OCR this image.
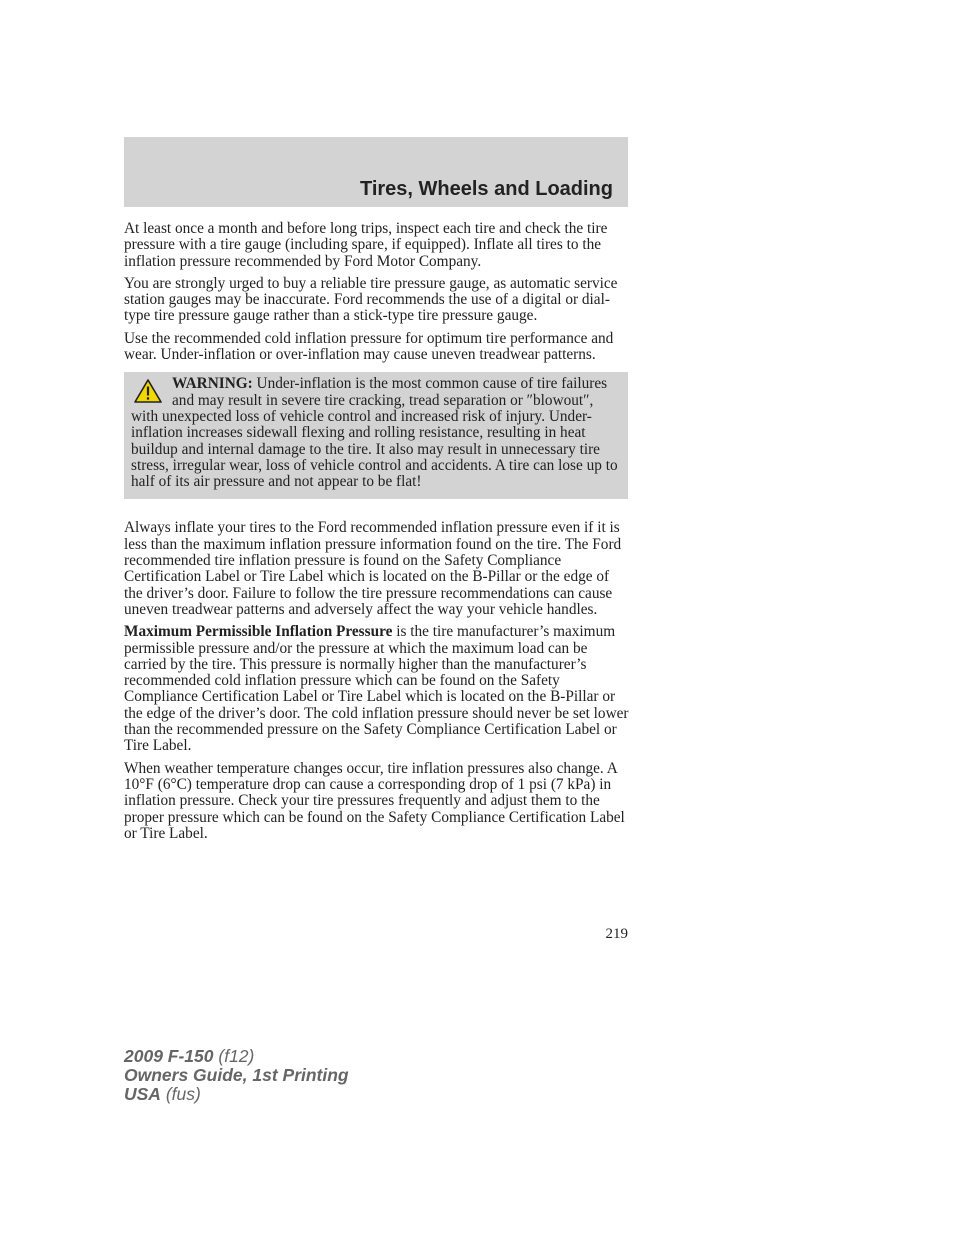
Tires, Wheels and Loading

At least once a month and before long trips, inspect each tire and check the tire pressure with a tire gauge (including spare, if equipped). Inflate all tires to the inflation pressure recommended by Ford Motor Company.

You are strongly urged to buy a reliable tire pressure gauge, as automatic service station gauges may be inaccurate. Ford recommends the use of a digital or dial-type tire pressure gauge rather than a stick-type tire pressure gauge.

Use the recommended cold inflation pressure for optimum tire performance and wear. Under-inflation or over-inflation may cause uneven treadwear patterns.

WARNING: Under-inflation is the most common cause of tire failures and may result in severe tire cracking, tread separation or ″blowout″, with unexpected loss of vehicle control and increased risk of injury. Under-inflation increases sidewall flexing and rolling resistance, resulting in heat buildup and internal damage to the tire. It also may result in unnecessary tire stress, irregular wear, loss of vehicle control and accidents. A tire can lose up to half of its air pressure and not appear to be flat!

Always inflate your tires to the Ford recommended inflation pressure even if it is less than the maximum inflation pressure information found on the tire. The Ford recommended tire inflation pressure is found on the Safety Compliance Certification Label or Tire Label which is located on the B-Pillar or the edge of the driver’s door. Failure to follow the tire pressure recommendations can cause uneven treadwear patterns and adversely affect the way your vehicle handles.

Maximum Permissible Inflation Pressure is the tire manufacturer’s maximum permissible pressure and/or the pressure at which the maximum load can be carried by the tire. This pressure is normally higher than the manufacturer’s recommended cold inflation pressure which can be found on the Safety Compliance Certification Label or Tire Label which is located on the B-Pillar or the edge of the driver’s door. The cold inflation pressure should never be set lower than the recommended pressure on the Safety Compliance Certification Label or Tire Label.

When weather temperature changes occur, tire inflation pressures also change. A 10°F (6°C) temperature drop can cause a corresponding drop of 1 psi (7 kPa) in inflation pressure. Check your tire pressures frequently and adjust them to the proper pressure which can be found on the Safety Compliance Certification Label or Tire Label.

219

2009 F-150 (f12)
Owners Guide, 1st Printing
USA (fus)
